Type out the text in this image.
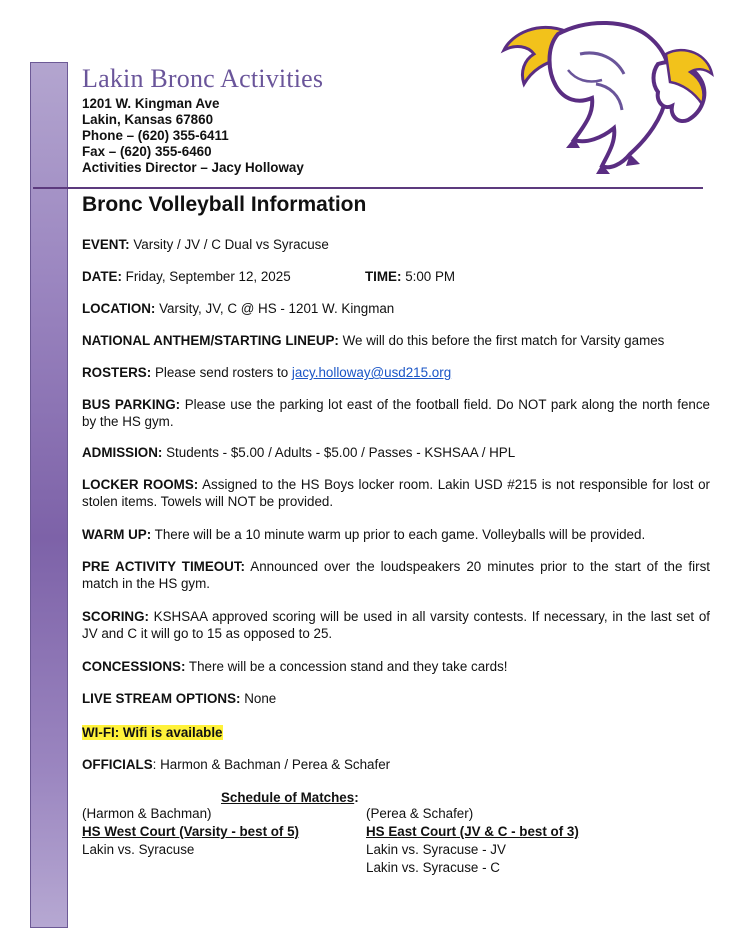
Lakin Bronc Activities
1201 W. Kingman Ave
Lakin, Kansas 67860
Phone – (620) 355-6411
Fax – (620) 355-6460
Activities Director – Jacy Holloway
Bronc Volleyball Information
EVENT: Varsity / JV / C Dual vs Syracuse
DATE: Friday, September 12, 2025	TIME: 5:00 PM
LOCATION: Varsity, JV, C @ HS - 1201 W. Kingman
NATIONAL ANTHEM/STARTING LINEUP: We will do this before the first match for Varsity games
ROSTERS: Please send rosters to jacy.holloway@usd215.org
BUS PARKING: Please use the parking lot east of the football field. Do NOT park along the north fence by the HS gym.
ADMISSION: Students - $5.00 / Adults - $5.00 / Passes - KSHSAA / HPL
LOCKER ROOMS: Assigned to the HS Boys locker room. Lakin USD #215 is not responsible for lost or stolen items. Towels will NOT be provided.
WARM UP: There will be a 10 minute warm up prior to each game. Volleyballs will be provided.
PRE ACTIVITY TIMEOUT: Announced over the loudspeakers 20 minutes prior to the start of the first match in the HS gym.
SCORING: KSHSAA approved scoring will be used in all varsity contests. If necessary, in the last set of JV and C it will go to 15 as opposed to 25.
CONCESSIONS: There will be a concession stand and they take cards!
LIVE STREAM OPTIONS: None
WI-FI: Wifi is available
OFFICIALS: Harmon & Bachman / Perea & Schafer
Schedule of Matches:
(Harmon & Bachman)
HS West Court (Varsity - best of 5)
Lakin vs. Syracuse
(Perea & Schafer)
HS East Court (JV & C - best of 3)
Lakin vs. Syracuse - JV
Lakin vs. Syracuse - C
